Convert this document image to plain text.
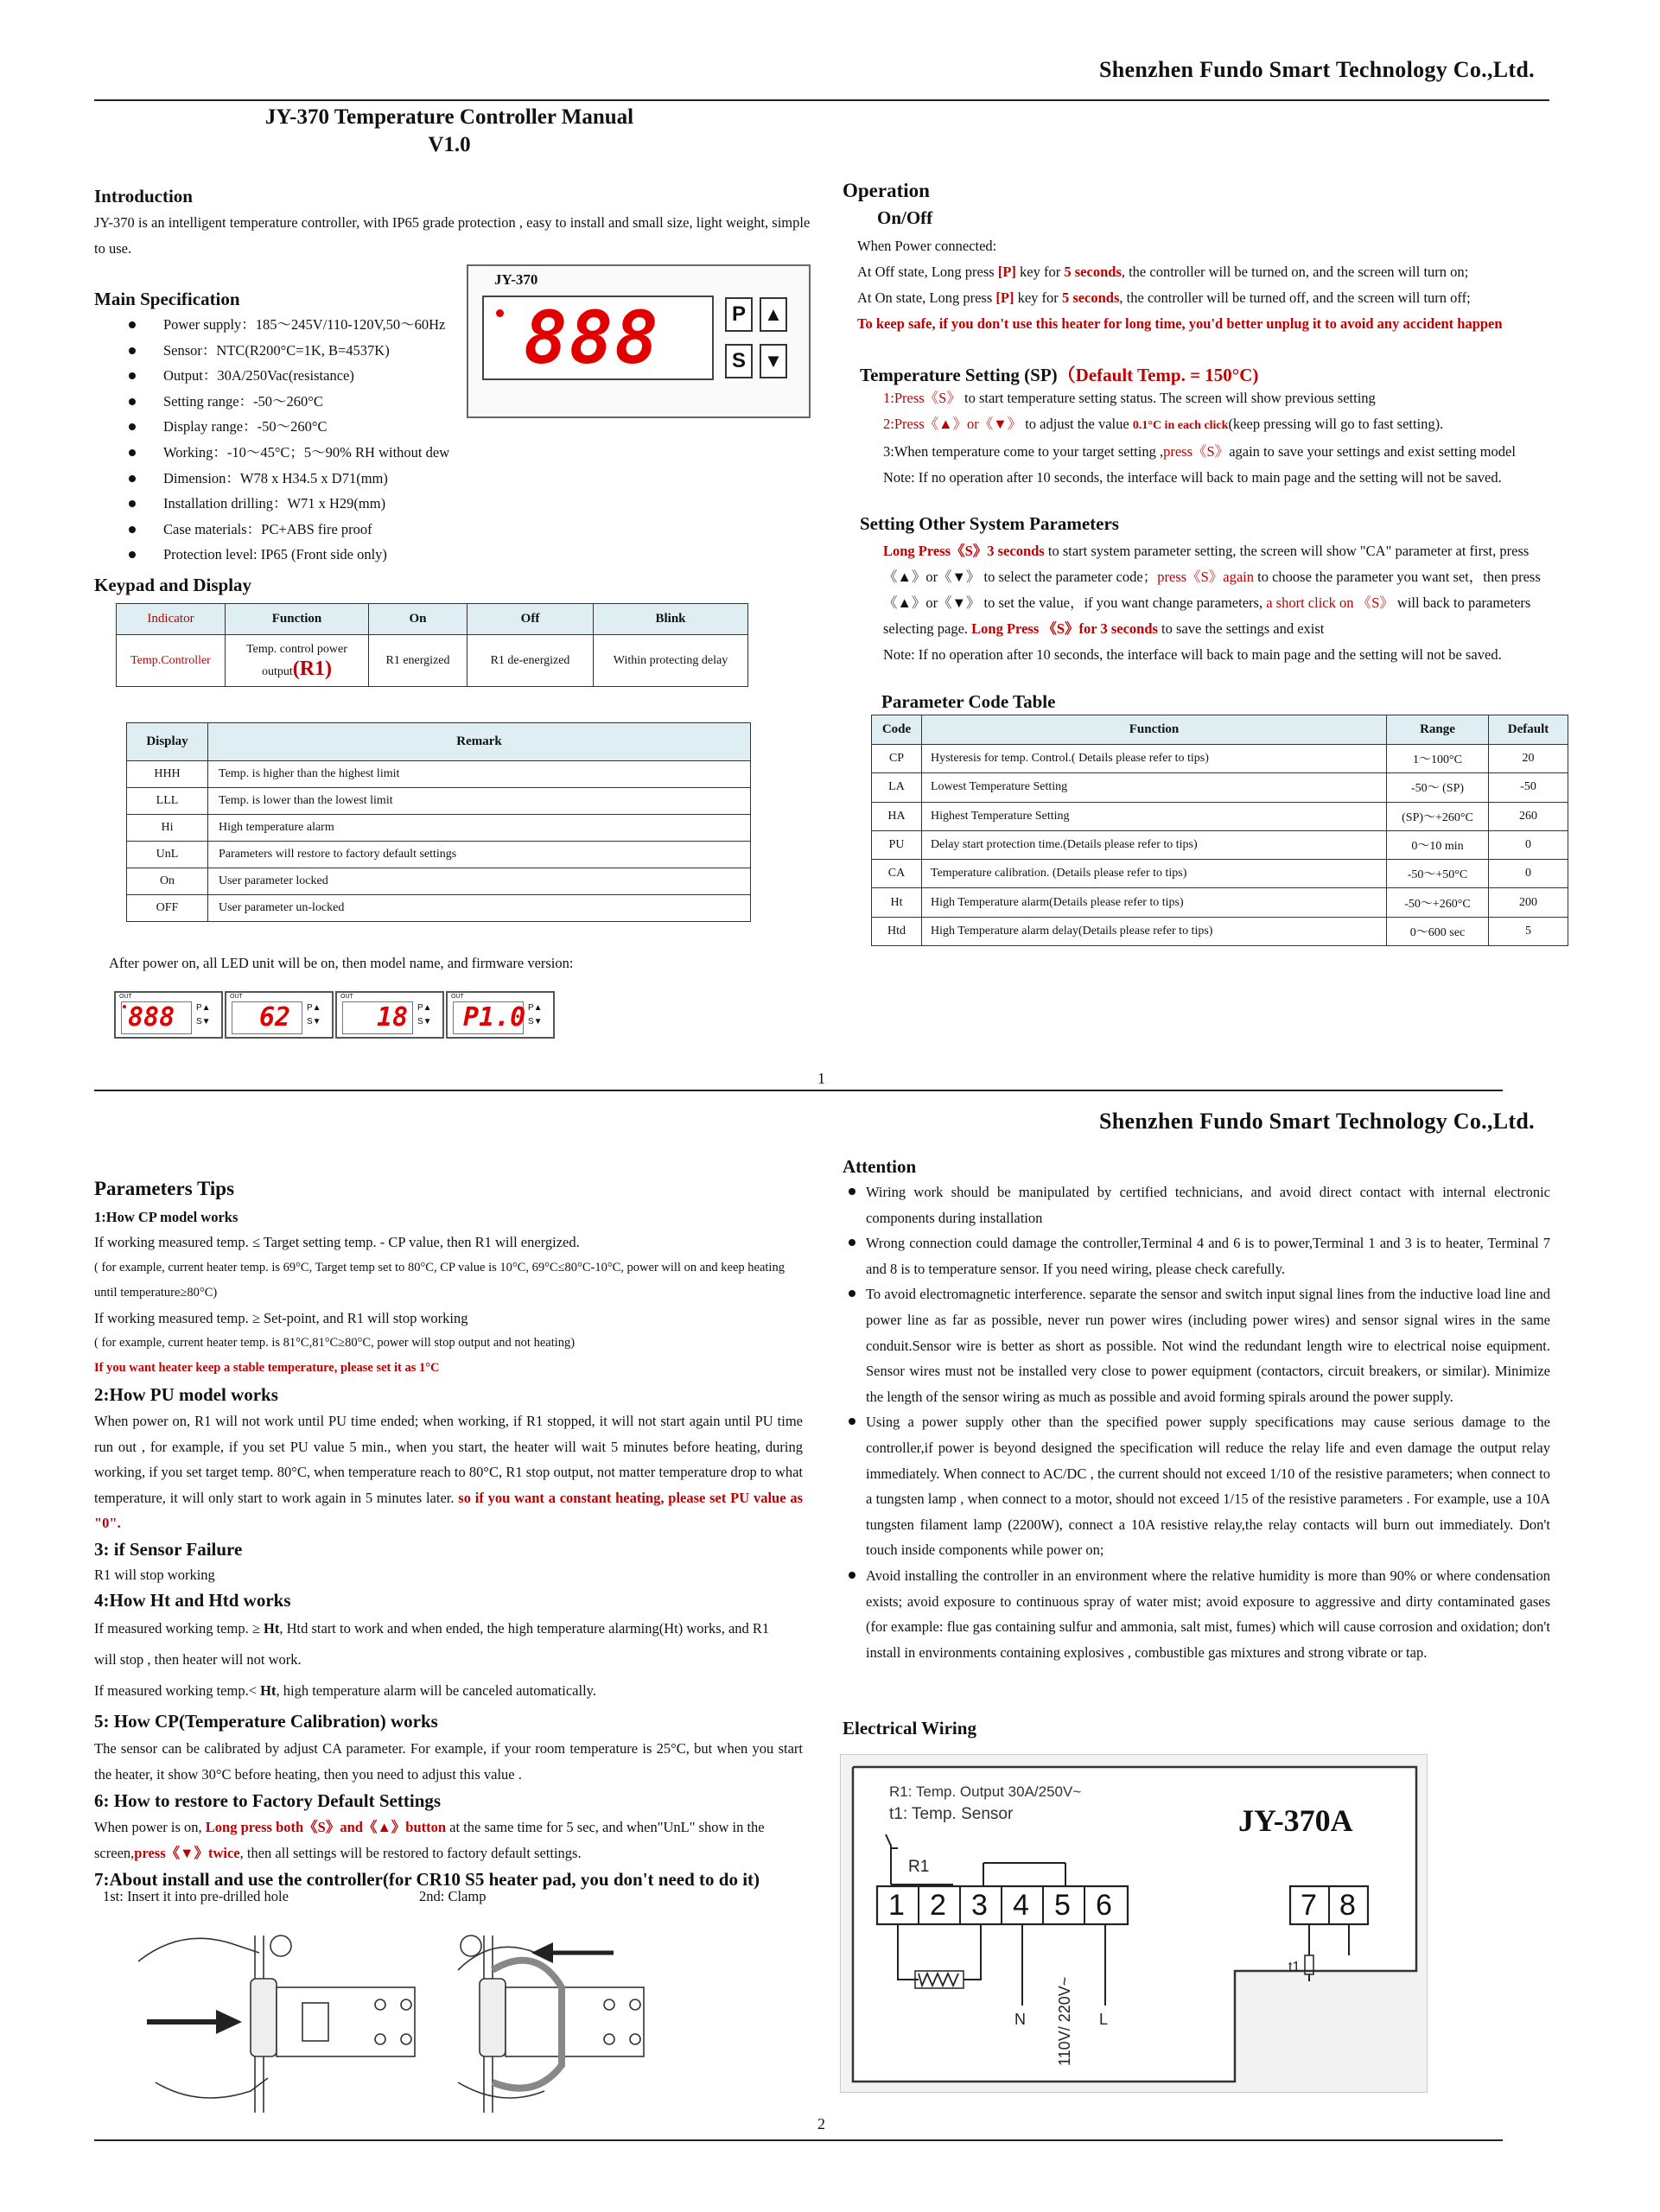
Shenzhen Fundo Smart Technology Co.,Ltd.
JY-370 Temperature Controller Manual
V1.0
Introduction
JY-370 is an intelligent temperature controller, with IP65 grade protection , easy to install and small size, light weight, simple to use.
JY-370
888	P ▲
S ▼
Main Specification
Power supply：185～245V/110-120V,50～60Hz
Sensor：NTC(R200°C=1K, B=4537K)
Output：30A/250Vac(resistance)
Setting range：-50～260°C
Display range：-50～260°C
Working：-10～45°C；5～90% RH without dew
Dimension：W78 x H34.5 x D71(mm)
Installation drilling：W71 x H29(mm)
Case materials：PC+ABS fire proof
Protection level: IP65 (Front side only)
Keypad and Display
Indicator	Function	On	Off	Blink
Temp.Controller	Temp. control power output(R1)	R1 energized	R1 de-energized	Within protecting delay
Display	Remark
HHH	Temp. is higher than the highest limit
LLL	Temp. is lower than the lowest limit
Hi	High temperature alarm
UnL	Parameters will restore to factory default settings
On	User parameter locked
OFF	User parameter un-locked
After power on, all LED unit will be on, then model name, and firmware version:
OUT
888 P▲
S▼
OUT
62 P▲
S▼
OUT
18 P▲
S▼
OUT
P1.0 P▲
S▼
Operation
On/Off
When Power connected:
At Off state, Long press [P] key for 5 seconds, the controller will be turned on, and the screen will turn on;
At On state, Long press [P] key for 5 seconds, the controller will be turned off, and the screen will turn off;
To keep safe, if you don't use this heater for long time, you'd better unplug it to avoid any accident happen
Temperature Setting (SP)（Default Temp. = 150°C)
1:Press《S》 to start temperature setting status. The screen will show previous setting
2:Press《▲》or《▼》 to adjust the value 0.1°C in each click(keep pressing will go to fast setting).
3:When temperature come to your target setting ,press《S》again to save your settings and exist setting model
Note: If no operation after 10 seconds, the interface will back to main page and the setting will not be saved.
Setting Other System Parameters
Long Press《S》3 seconds to start system parameter setting, the screen will show "CA" parameter at first, press
《▲》or《▼》 to select the parameter code；press《S》again to choose the parameter you want set，then press
《▲》or《▼》 to set the value，if you want change parameters, a short click on 《S》 will back to parameters
selecting page. Long Press 《S》for 3 seconds to save the settings and exist
Note: If no operation after 10 seconds, the interface will back to main page and the setting will not be saved.
Parameter Code Table
Code	Function	Range	Default
CP	Hysteresis for temp. Control.( Details please refer to tips)	1～100°C	20
LA	Lowest Temperature Setting	-50～ (SP)	-50
HA	Highest Temperature Setting	(SP)～+260°C	260
PU	Delay start protection time.(Details please refer to tips)	0～10 min	0
CA	Temperature calibration. (Details please refer to tips)	-50～+50°C	0
Ht	High Temperature alarm(Details please refer to tips)	-50～+260°C	200
Htd	High Temperature alarm delay(Details please refer to tips)	0～600 sec	5
1
Shenzhen Fundo Smart Technology Co.,Ltd.
Parameters Tips
1:How CP model works
If working measured temp. ≤ Target setting temp. - CP value, then R1 will energized.
( for example, current heater temp. is 69°C, Target temp set to 80°C, CP value is 10°C, 69°C≤80°C-10°C, power will on and keep heating until temperature≥80°C)
If working measured temp. ≥ Set-point, and R1 will stop working
( for example, current heater temp. is 81°C,81°C≥80°C, power will stop output and not heating)
If you want heater keep a stable temperature, please set it as 1°C
2:How PU model works
When power on, R1 will not work until PU time ended; when working, if R1 stopped, it will not start again until PU time run out , for example, if you set PU value 5 min., when you start, the heater will wait 5 minutes before heating, during working, if you set target temp. 80°C, when temperature reach to 80°C, R1 stop output, not matter temperature drop to what temperature, it will only start to work again in 5 minutes later. so if you want a constant heating, please set PU value as "0".
3: if Sensor Failure
R1 will stop working
4:How Ht and Htd works
If measured working temp. ≥ Ht, Htd start to work and when ended, the high temperature alarming(Ht) works, and R1
will stop , then heater will not work.
If measured working temp.< Ht, high temperature alarm will be canceled automatically.
5: How CP(Temperature Calibration) works
The sensor can be calibrated by adjust CA parameter. For example, if your room temperature is 25°C, but when you start the heater, it show 30°C before heating, then you need to adjust this value .
6: How to restore to Factory Default Settings
When power is on, Long press both《S》and《▲》button at the same time for 5 sec, and when"UnL" show in the
screen,press《▼》twice, then all settings will be restored to factory default settings.
7:About install and use the controller(for CR10 S5 heater pad, you don't need to do it)
1st: Insert it into pre-drilled hole	2nd: Clamp
Attention
Wiring work should be manipulated by certified technicians, and avoid direct contact with internal electronic components during installation
Wrong connection could damage the controller,Terminal 4 and 6 is to power,Terminal 1 and 3 is to heater, Terminal 7 and 8 is to temperature sensor. If you need wiring, please check carefully.
To avoid electromagnetic interference. separate the sensor and switch input signal lines from the inductive load line and power line as far as possible, never run power wires (including power wires) and sensor signal wires in the same conduit.Sensor wire is better as short as possible. Not wind the redundant length wire to electrical noise equipment. Sensor wires must not be installed very close to power equipment (contactors, circuit breakers, or similar). Minimize the length of the sensor wiring as much as possible and avoid forming spirals around the power supply.
Using a power supply other than the specified power supply specifications may cause serious damage to the controller,if power is beyond designed the specification will reduce the relay life and even damage the output relay immediately. When connect to AC/DC , the current should not exceed 1/10 of the resistive parameters; when connect to a tungsten lamp , when connect to a motor, should not exceed 1/15 of the resistive parameters . For example, use a 10A tungsten filament lamp (2200W), connect a 10A resistive relay,the relay contacts will burn out immediately. Don't touch inside components while power on;
Avoid installing the controller in an environment where the relative humidity is more than 90% or where condensation exists; avoid exposure to continuous spray of water mist; avoid exposure to aggressive and dirty contaminated gases (for example: flue gas containing sulfur and ammonia, salt mist, fumes) which will cause corrosion and oxidation; don't install in environments containing explosives , combustible gas mixtures and strong vibrate or tap.
Electrical Wiring
R1: Temp. Output 30A/250V~
t1: Temp. Sensor	JY-370A
R1
1 2 3 4 5 6	7 8
N	L
110V/ 220V~
t1
2
